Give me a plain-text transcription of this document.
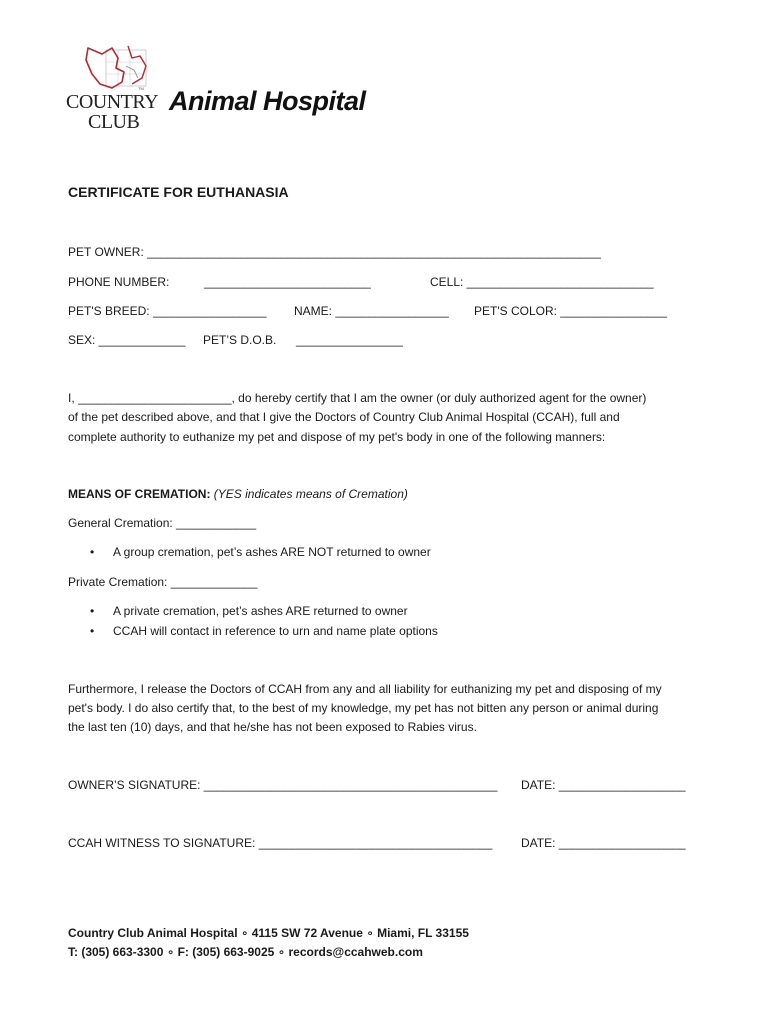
TM
COUNTRY
CLUB
Animal Hospital
CERTIFICATE FOR EUTHANASIA
PET OWNER: ____________________________________________________________________
PHONE NUMBER:	_________________________	CELL: ____________________________
PET'S BREED: _________________ NAME: _________________ PET'S COLOR: ________________
SEX: _____________ PET’S D.O.B. ________________
I, _______________________, do hereby certify that I am the owner (or duly authorized agent for the owner)
of the pet described above, and that I give the Doctors of Country Club Animal Hospital (CCAH), full and
complete authority to euthanize my pet and dispose of my pet's body in one of the following manners:
MEANS OF CREMATION: (YES indicates means of Cremation)
General Cremation: ____________
• A group cremation, pet’s ashes ARE NOT returned to owner
Private Cremation: _____________
• A private cremation, pet’s ashes ARE returned to owner
• CCAH will contact in reference to urn and name plate options
Furthermore, I release the Doctors of CCAH from any and all liability for euthanizing my pet and disposing of my
pet's body. I do also certify that, to the best of my knowledge, my pet has not bitten any person or animal during
the last ten (10) days, and that he/she has not been exposed to Rabies virus.
OWNER’S SIGNATURE: ____________________________________________ DATE: ___________________
CCAH WITNESS TO SIGNATURE: ___________________________________ DATE: ___________________
Country Club Animal Hospital ∘ 4115 SW 72 Avenue ∘ Miami, FL 33155
T: (305) 663-3300 ∘ F: (305) 663-9025 ∘ records@ccahweb.com
